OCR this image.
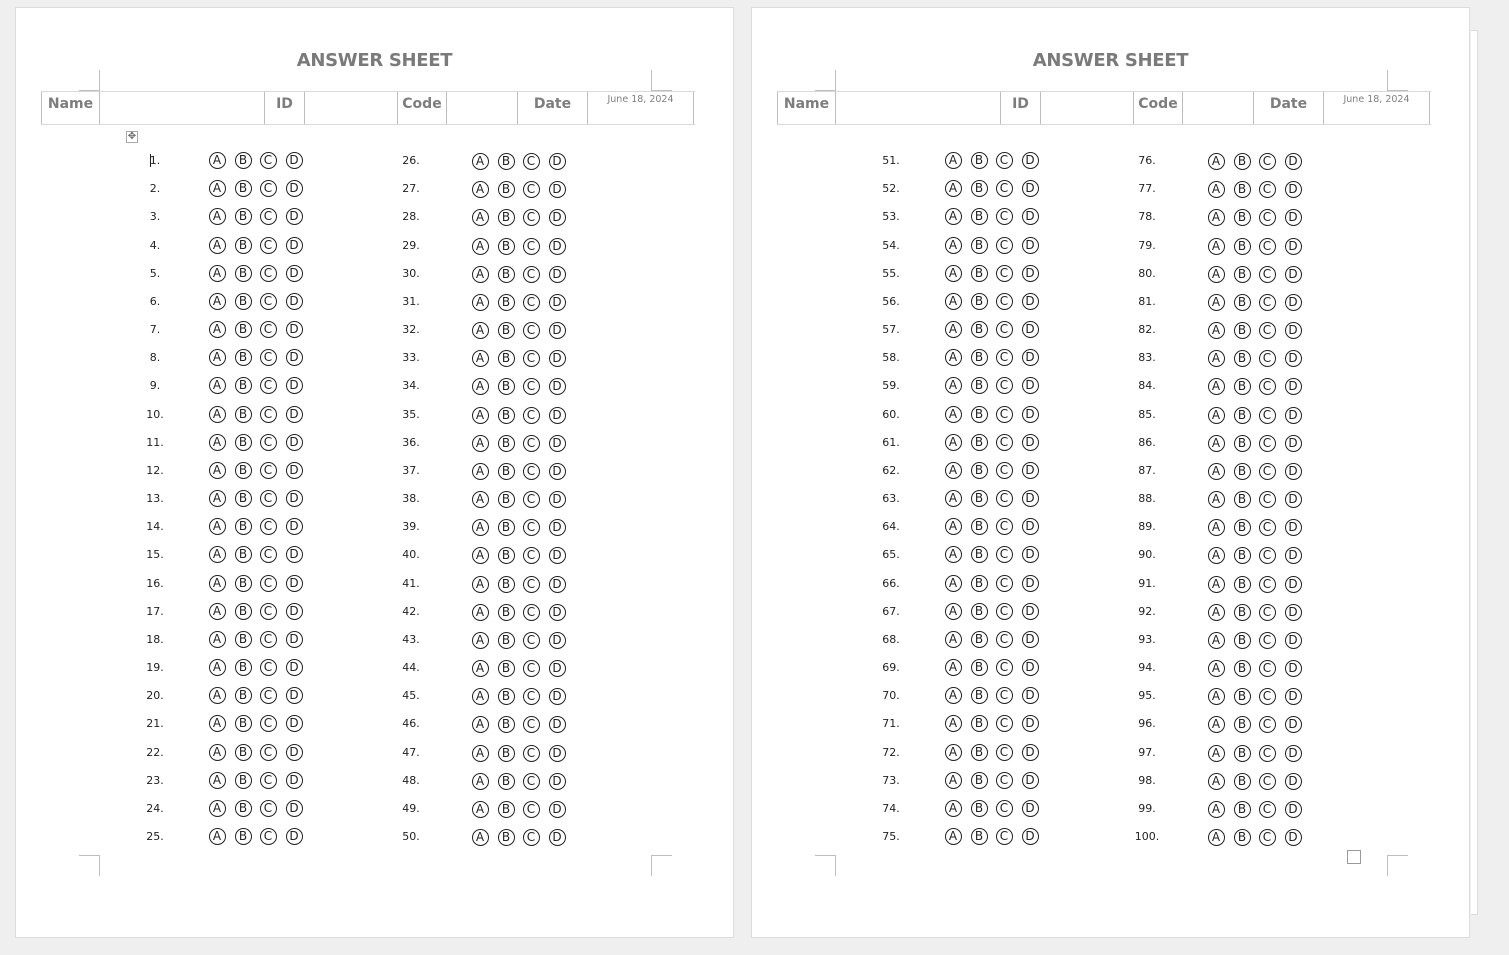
ANSWER SHEET
Name	ID	Code	Date	June 18, 2024
✥
1.	A	B	C	D
2.	A	B	C	D
3.	A	B	C	D
4.	A	B	C	D
5.	A	B	C	D
6.	A	B	C	D
7.	A	B	C	D
8.	A	B	C	D
9.	A	B	C	D
10.	A	B	C	D
11.	A	B	C	D
12.	A	B	C	D
13.	A	B	C	D
14.	A	B	C	D
15.	A	B	C	D
16.	A	B	C	D
17.	A	B	C	D
18.	A	B	C	D
19.	A	B	C	D
20.	A	B	C	D
21.	A	B	C	D
22.	A	B	C	D
23.	A	B	C	D
24.	A	B	C	D
25.	A	B	C	D
26.	A	B	C	D
27.	A	B	C	D
28.	A	B	C	D
29.	A	B	C	D
30.	A	B	C	D
31.	A	B	C	D
32.	A	B	C	D
33.	A	B	C	D
34.	A	B	C	D
35.	A	B	C	D
36.	A	B	C	D
37.	A	B	C	D
38.	A	B	C	D
39.	A	B	C	D
40.	A	B	C	D
41.	A	B	C	D
42.	A	B	C	D
43.	A	B	C	D
44.	A	B	C	D
45.	A	B	C	D
46.	A	B	C	D
47.	A	B	C	D
48.	A	B	C	D
49.	A	B	C	D
50.	A	B	C	D
ANSWER SHEET
Name	ID	Code	Date	June 18, 2024
51.	A	B	C	D
52.	A	B	C	D
53.	A	B	C	D
54.	A	B	C	D
55.	A	B	C	D
56.	A	B	C	D
57.	A	B	C	D
58.	A	B	C	D
59.	A	B	C	D
60.	A	B	C	D
61.	A	B	C	D
62.	A	B	C	D
63.	A	B	C	D
64.	A	B	C	D
65.	A	B	C	D
66.	A	B	C	D
67.	A	B	C	D
68.	A	B	C	D
69.	A	B	C	D
70.	A	B	C	D
71.	A	B	C	D
72.	A	B	C	D
73.	A	B	C	D
74.	A	B	C	D
75.	A	B	C	D
76.	A	B	C	D
77.	A	B	C	D
78.	A	B	C	D
79.	A	B	C	D
80.	A	B	C	D
81.	A	B	C	D
82.	A	B	C	D
83.	A	B	C	D
84.	A	B	C	D
85.	A	B	C	D
86.	A	B	C	D
87.	A	B	C	D
88.	A	B	C	D
89.	A	B	C	D
90.	A	B	C	D
91.	A	B	C	D
92.	A	B	C	D
93.	A	B	C	D
94.	A	B	C	D
95.	A	B	C	D
96.	A	B	C	D
97.	A	B	C	D
98.	A	B	C	D
99.	A	B	C	D
100.	A	B	C	D
